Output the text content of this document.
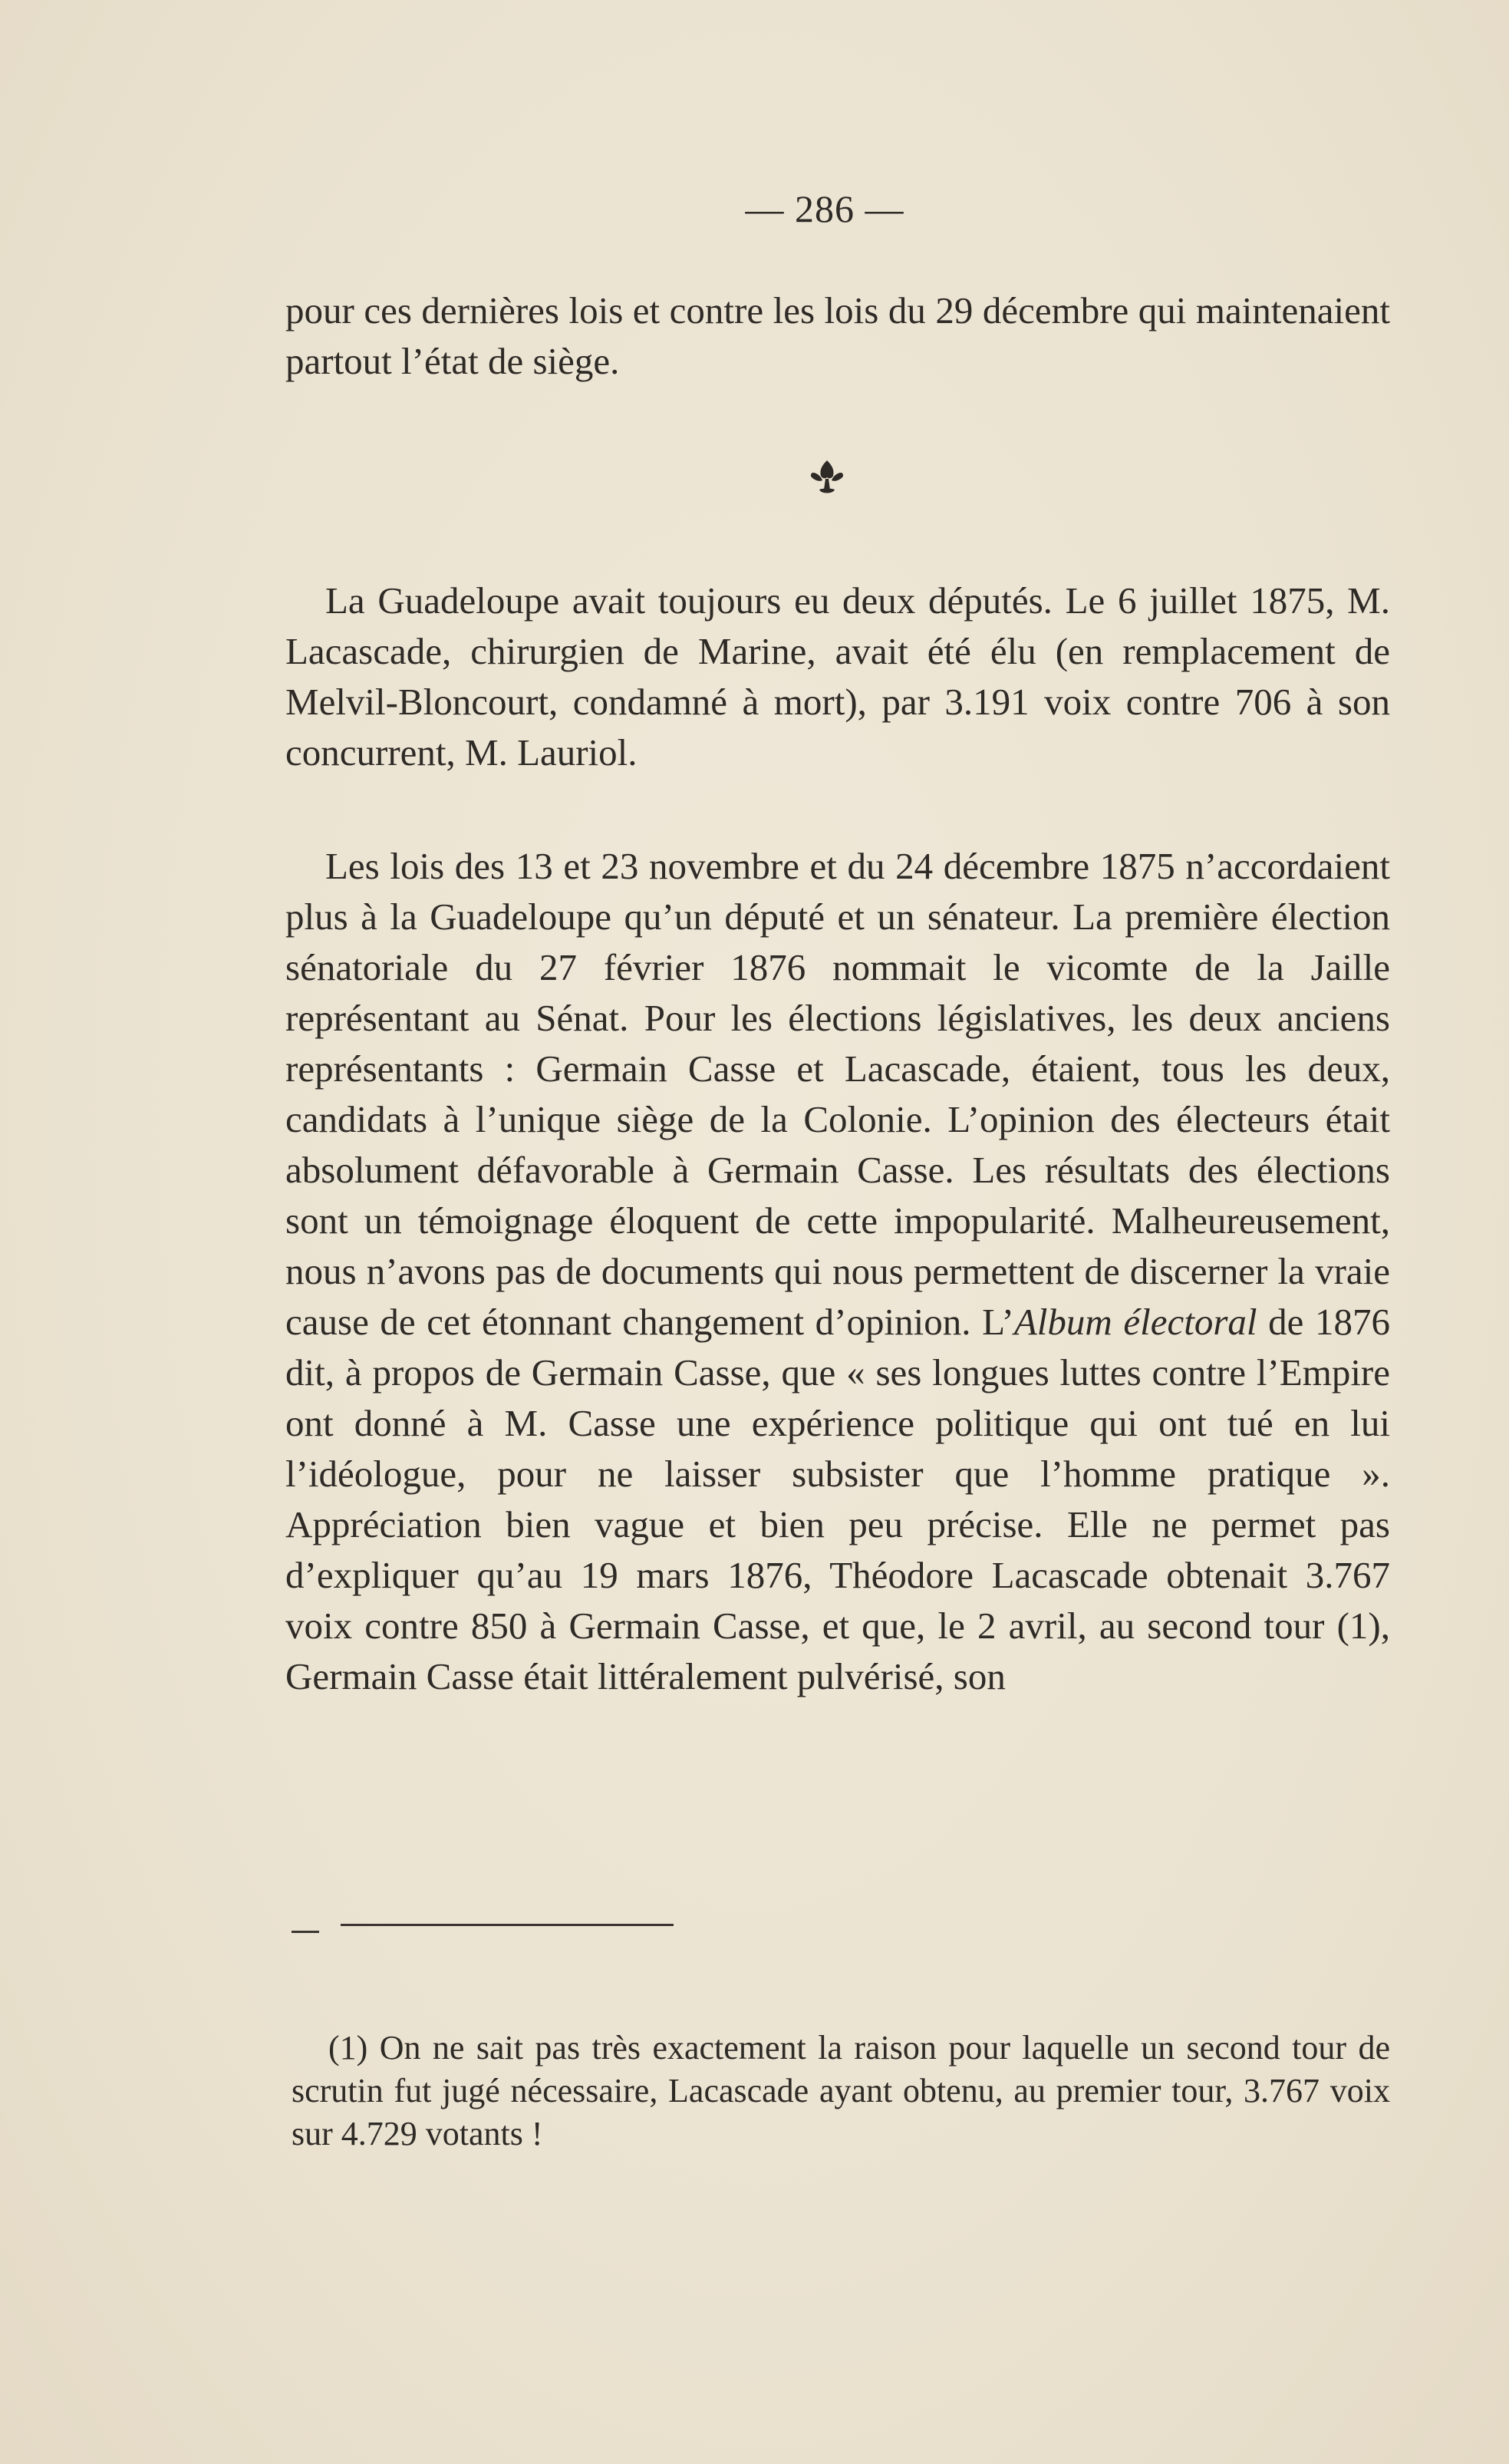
— 286 —

pour ces dernières lois et contre les lois du 29 décembre qui maintenaient partout l’état de siège.

La Guadeloupe avait toujours eu deux députés. Le 6 juillet 1875, M. Lacascade, chirurgien de Marine, avait été élu (en remplacement de Melvil-Bloncourt, condamné à mort), par 3.191 voix contre 706 à son concurrent, M. Lauriol.

Les lois des 13 et 23 novembre et du 24 décembre 1875 n’accordaient plus à la Guadeloupe qu’un député et un sénateur. La première élection sénatoriale du 27 février 1876 nommait le vicomte de la Jaille représentant au Sénat. Pour les élections législatives, les deux anciens représentants : Germain Casse et Lacascade, étaient, tous les deux, candidats à l’unique siège de la Colonie. L’opinion des électeurs était absolument défavorable à Germain Casse. Les résultats des élections sont un témoignage éloquent de cette impopularité. Malheureusement, nous n’avons pas de documents qui nous permettent de discerner la vraie cause de cet étonnant changement d’opinion. L’Album électoral de 1876 dit, à propos de Germain Casse, que « ses longues luttes contre l’Empire ont donné à M. Casse une expérience politique qui ont tué en lui l’idéologue, pour ne laisser subsister que l’homme pratique ». Appréciation bien vague et bien peu précise. Elle ne permet pas d’expliquer qu’au 19 mars 1876, Théodore Lacascade obtenait 3.767 voix contre 850 à Germain Casse, et que, le 2 avril, au second tour (1), Germain Casse était littéralement pulvérisé, son

(1) On ne sait pas très exactement la raison pour laquelle un second tour de scrutin fut jugé nécessaire, Lacascade ayant obtenu, au premier tour, 3.767 voix sur 4.729 votants !
